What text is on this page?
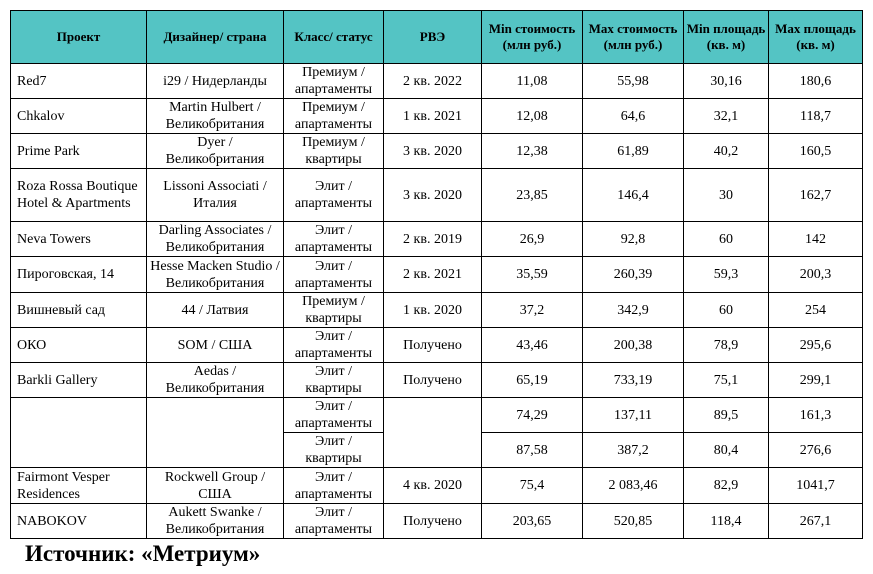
Проект	Дизайнер/ страна	Класс/ статус	РВЭ	Min стоимость (млн руб.)	Max стоимость (млн руб.)	Min площадь (кв. м)	Max площадь (кв. м)
Red7	i29 / Нидерланды	Премиум / апартаменты	2 кв. 2022	11,08	55,98	30,16	180,6
Chkalov	Martin Hulbert / Великобритания	Премиум / апартаменты	1 кв. 2021	12,08	64,6	32,1	118,7
Prime Park	Dyer / Великобритания	Премиум / квартиры	3 кв. 2020	12,38	61,89	40,2	160,5
Roza Rossa Boutique Hotel & Apartments	Lissoni Associati / Италия	Элит / апартаменты	3 кв. 2020	23,85	146,4	30	162,7
Neva Towers	Darling Associates / Великобритания	Элит / апартаменты	2 кв. 2019	26,9	92,8	60	142
Пироговская, 14	Hesse Macken Studio / Великобритания	Элит / апартаменты	2 кв. 2021	35,59	260,39	59,3	200,3
Вишневый сад	44 / Латвия	Премиум / квартиры	1 кв. 2020	37,2	342,9	60	254
ОКО	SOM / США	Элит / апартаменты	Получено	43,46	200,38	78,9	295,6
Barkli Gallery	Aedas / Великобритания	Элит / квартиры	Получено	65,19	733,19	75,1	299,1
		Элит / апартаменты		74,29	137,11	89,5	161,3
		Элит / квартиры		87,58	387,2	80,4	276,6
Fairmont Vesper Residences	Rockwell Group / США	Элит / апартаменты	4 кв. 2020	75,4	2 083,46	82,9	1041,7
NABOKOV	Aukett Swanke / Великобритания	Элит / апартаменты	Получено	203,65	520,85	118,4	267,1
Источник: «Метриум»
